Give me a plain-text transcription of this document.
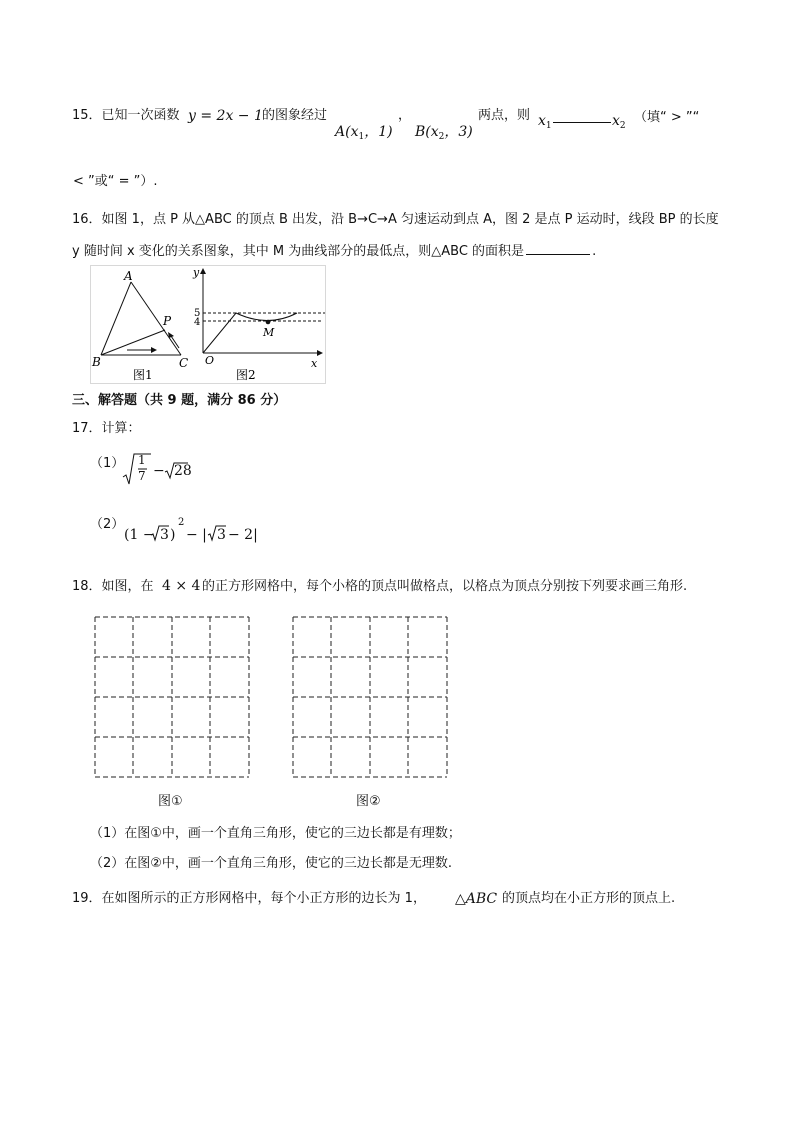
15．已知一次函数 y = 2x − 1 的图象经过	，
$A(x_1$，1) $B(x_2$，3)
两点，则 $x_1$	$x_2$
（填“ > ”“
< ”或“ = ”）.
16．如图 1，点 P 从△ABC 的顶点 B 出发，沿 B→C→A 匀速运动到点 A，图 2 是点 P 运动时，线段 BP 的长度
y 随时间 x 变化的关系图象，其中 M 为曲线部分的最低点，则△ABC 的面积是	.
A
B	C
P
图1
y
x
O
M
5
4
图2
三、解答题（共 9 题，满分 86 分）
17．计算：
（1） 1
7 − 28
（2）
(1 − 3 )
2
− | 3 − 2|
18．如图，在 4 × 4 的正方形网格中，每个小格的顶点叫做格点，以格点为顶点分别按下列要求画三角形.
图①	图②
（1）在图①中，画一个直角三角形，使它的三边长都是有理数；
（2）在图②中，画一个直角三角形，使它的三边长都是无理数.
19．在如图所示的正方形网格中，每个小正方形的边长为 1， △ABC 的顶点均在小正方形的顶点上.
